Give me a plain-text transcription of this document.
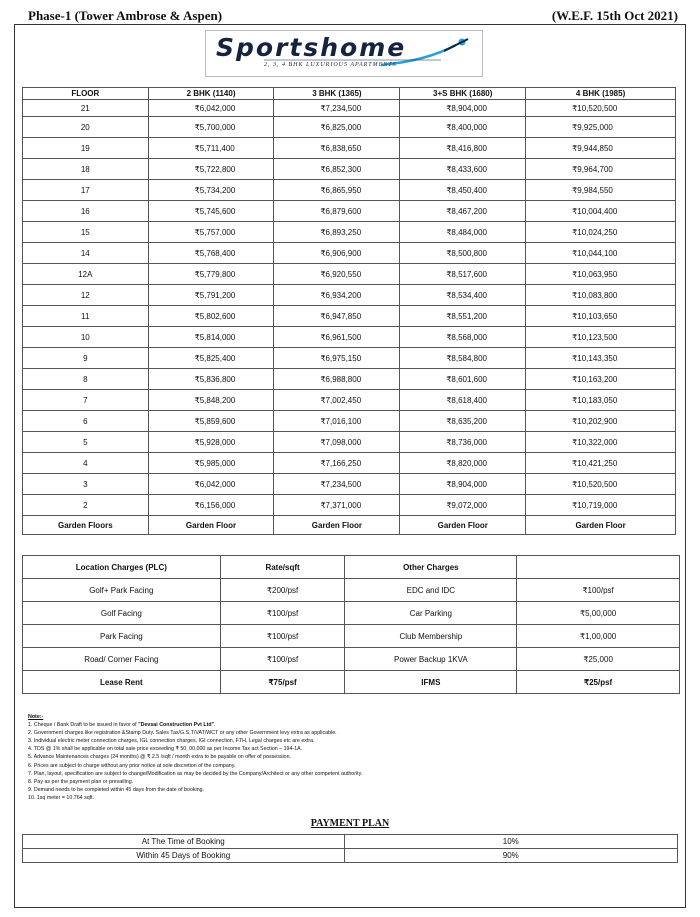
Phase-1 (Tower Ambrose & Aspen)	(W.E.F. 15th Oct 2021)
Sportshome
2, 3, 4 BHK LUXURIOUS APARTMENTS
FLOOR	2 BHK (1140)	3 BHK (1365)	3+S BHK (1680)	4 BHK (1985)
21	₹6,042,000	₹7,234,500	₹8,904,000	₹10,520,500
20	₹5,700,000	₹6,825,000	₹8,400,000	₹9,925,000
19	₹5,711,400	₹6,838,650	₹8,416,800	₹9,944,850
18	₹5,722,800	₹6,852,300	₹8,433,600	₹9,964,700
17	₹5,734,200	₹6,865,950	₹8,450,400	₹9,984,550
16	₹5,745,600	₹6,879,600	₹8,467,200	₹10,004,400
15	₹5,757,000	₹6,893,250	₹8,484,000	₹10,024,250
14	₹5,768,400	₹6,906,900	₹8,500,800	₹10,044,100
12A	₹5,779,800	₹6,920,550	₹8,517,600	₹10,063,950
12	₹5,791,200	₹6,934,200	₹8,534,400	₹10,083,800
11	₹5,802,600	₹6,947,850	₹8,551,200	₹10,103,650
10	₹5,814,000	₹6,961,500	₹8,568,000	₹10,123,500
9	₹5,825,400	₹6,975,150	₹8,584,800	₹10,143,350
8	₹5,836,800	₹6,988,800	₹8,601,600	₹10,163,200
7	₹5,848,200	₹7,002,450	₹8,618,400	₹10,183,050
6	₹5,859,600	₹7,016,100	₹8,635,200	₹10,202,900
5	₹5,928,000	₹7,098,000	₹8,736,000	₹10,322,000
4	₹5,985,000	₹7,166,250	₹8,820,000	₹10,421,250
3	₹6,042,000	₹7,234,500	₹8,904,000	₹10,520,500
2	₹6,156,000	₹7,371,000	₹9,072,000	₹10,719,000
Garden Floors	Garden Floor	Garden Floor	Garden Floor	Garden Floor
Location Charges (PLC)	Rate/sqft	Other Charges	
Golf+ Park Facing	₹200/psf	EDC and IDC	₹100/psf
Golf Facing	₹100/psf	Car Parking	₹5,00,000
Park Facing	₹100/psf	Club Membership	₹1,00,000
Road/ Corner Facing	₹100/psf	Power Backup 1KVA	₹25,000
Lease Rent	₹75/psf	IFMS	₹25/psf
Note:-
1. Cheque / Bank Draft to be issued in favor of "Devsai Construction Pvt Ltd".
2. Government charges like registration &Stamp Duty. Sales Tax/G.S.T/VAT/WCT or any other Government levy extra as applicable.
3. Individual electric meter connection charges, IGL connection charges, IGI connection, FTH, Legal charges etc are extra.
4. TDS @ 1% shall be applicable on total sale price exceeding ₹ 50, 00,000 as per Income Tax act Section – 194-1A.
5. Advance Maintenances charges (24 months) @ ₹ 2.5 /sqft / month extra to be payable on offer of possession.
6. Prices are subject to charge without any prior notice at sole discretion of the company.
7. Plan, layout, specification are subject to change/Modification as may be decided by the Company/Architect or any other competent authority.
8. Pay as per the payment plan or prevailing.
9. Demand needs to be completed within 45 days from the date of booking.
10. 1sq meter = 10.764 sqft.
PAYMENT PLAN
At The Time of Booking	10%
Within 45 Days of Booking	90%
